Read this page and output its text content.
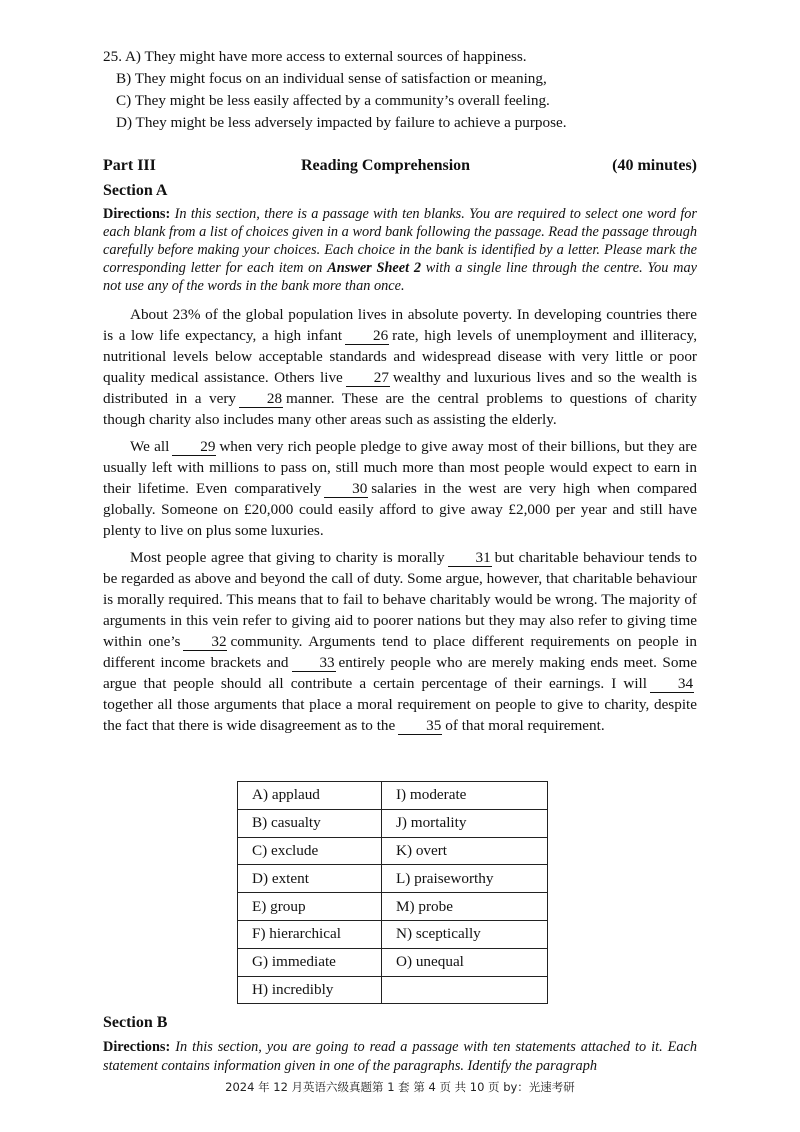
25. A) They might have more access to external sources of happiness.
B) They might focus on an individual sense of satisfaction or meaning,
C) They might be less easily affected by a community’s overall feeling.
D) They might be less adversely impacted by failure to achieve a purpose.
Part III	Reading Comprehension	(40 minutes)
Section A
Directions: In this section, there is a passage with ten blanks. You are required to select one word for each blank from a list of choices given in a word bank following the passage. Read the passage through carefully before making your choices. Each choice in the bank is identified by a letter. Please mark the corresponding letter for each item on Answer Sheet 2 with a single line through the centre. You may not use any of the words in the bank more than once.

About 23% of the global population lives in absolute poverty. In developing countries there is a low life expectancy, a high infant 26 rate, high levels of unemployment and illiteracy, nutritional levels below acceptable standards and widespread disease with very little or poor quality medical assistance. Others live 27 wealthy and luxurious lives and so the wealth is distributed in a very 28 manner. These are the central problems to questions of charity though charity also includes many other areas such as assisting the elderly.

We all 29 when very rich people pledge to give away most of their billions, but they are usually left with millions to pass on, still much more than most people would expect to earn in their lifetime. Even comparatively 30 salaries in the west are very high when compared globally. Someone on £20,000 could easily afford to give away £2,000 per year and still have plenty to live on plus some luxuries.

Most people agree that giving to charity is morally 31 but charitable behaviour tends to be regarded as above and beyond the call of duty. Some argue, however, that charitable behaviour is morally required. This means that to fail to behave charitably would be wrong. The majority of arguments in this vein refer to giving aid to poorer nations but they may also refer to giving time within one’s 32 community. Arguments tend to place different requirements on people in different income brackets and 33 entirely people who are merely making ends meet. Some argue that people should all contribute a certain percentage of their earnings. I will 34together all those arguments that place a moral requirement on people to give to charity, despite the fact that there is wide disagreement as to the 35 of that moral requirement.

A) applaud	I) moderate
B) casualty	J) mortality
C) exclude	K) overt
D) extent	L) praiseworthy
E) group	M) probe
F) hierarchical	N) sceptically
G) immediate	O) unequal
H) incredibly	
Section B
Directions: In this section, you are going to read a passage with ten statements attached to it. Each statement contains information given in one of the paragraphs. Identify the paragraph
2024 年 12 月英语六级真题第 1 套 第 4 页 共 10 页 by：光速考研
